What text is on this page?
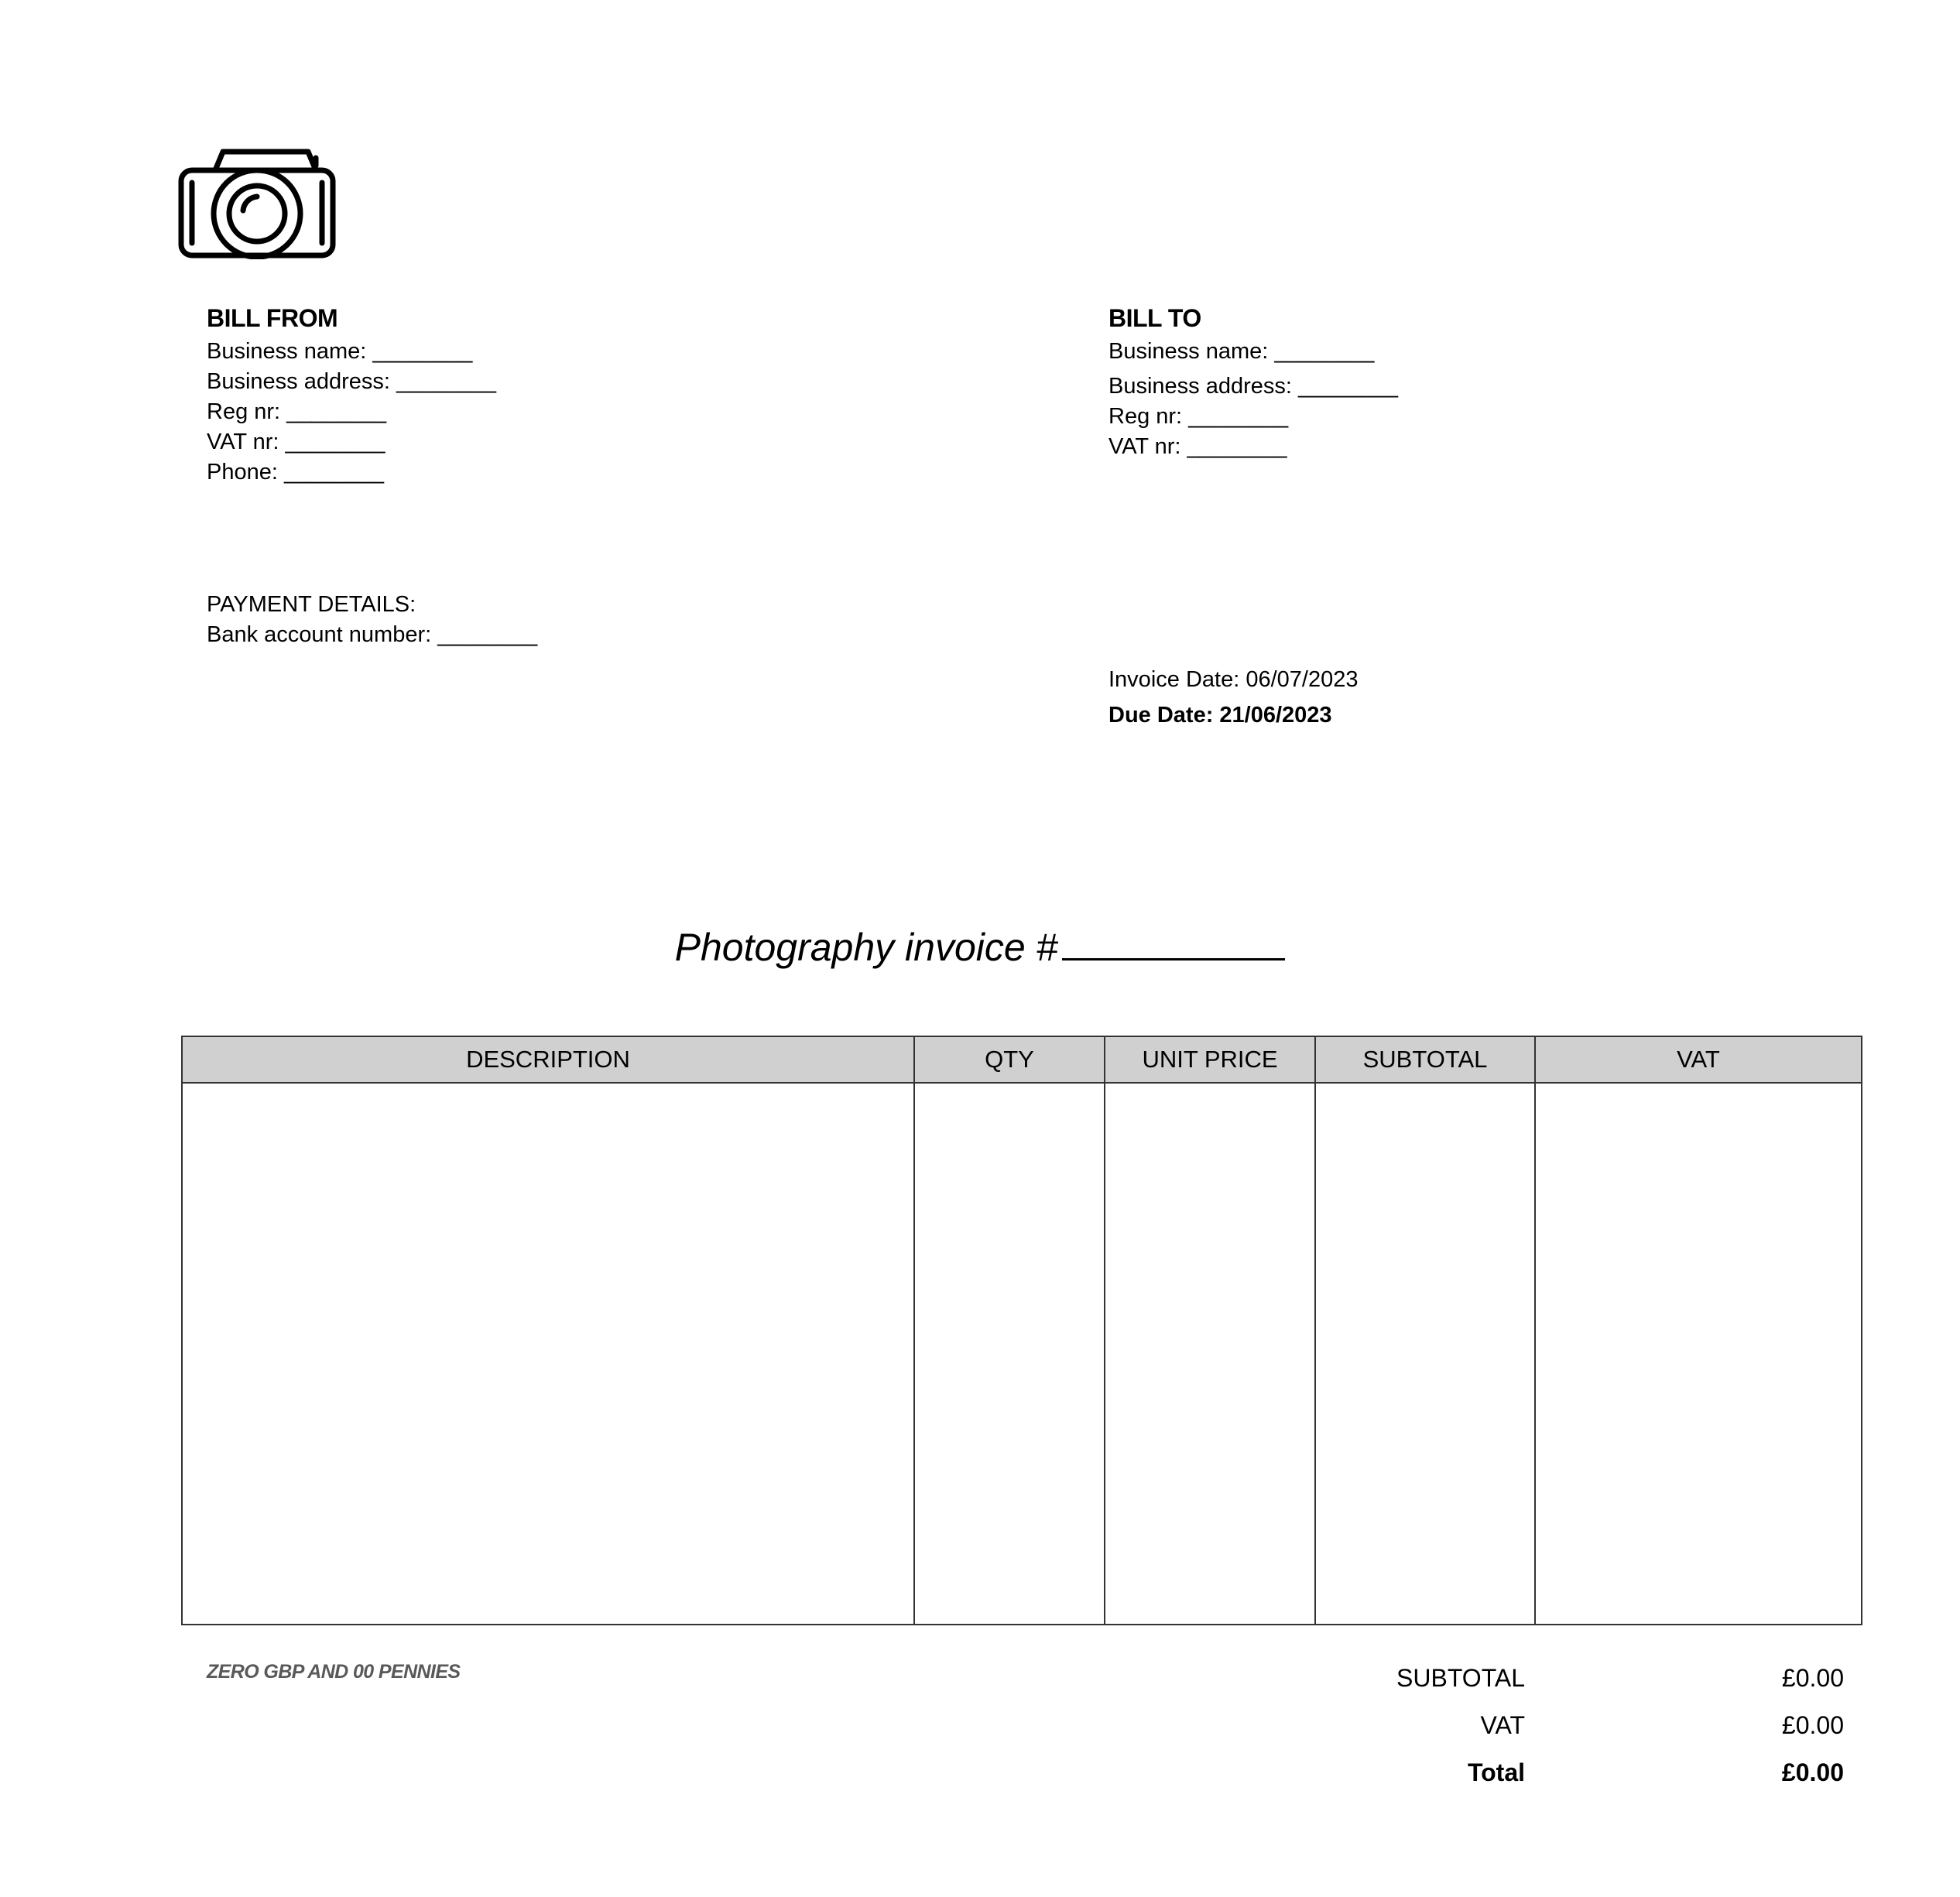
BILL FROM
Business name: ________
Business address: ________
Reg nr: ________
VAT nr: ________
Phone: ________
BILL TO
Business name: ________
Business address: ________
Reg nr: ________
VAT nr: ________
PAYMENT DETAILS:
Bank account number: ________
Invoice Date: 06/07/2023
Due Date: 21/06/2023
Photography invoice #
DESCRIPTION	QTY	UNIT PRICE	SUBTOTAL	VAT

ZERO GBP AND 00 PENNIES	SUBTOTAL	£0.00
VAT	£0.00
Total	£0.00
